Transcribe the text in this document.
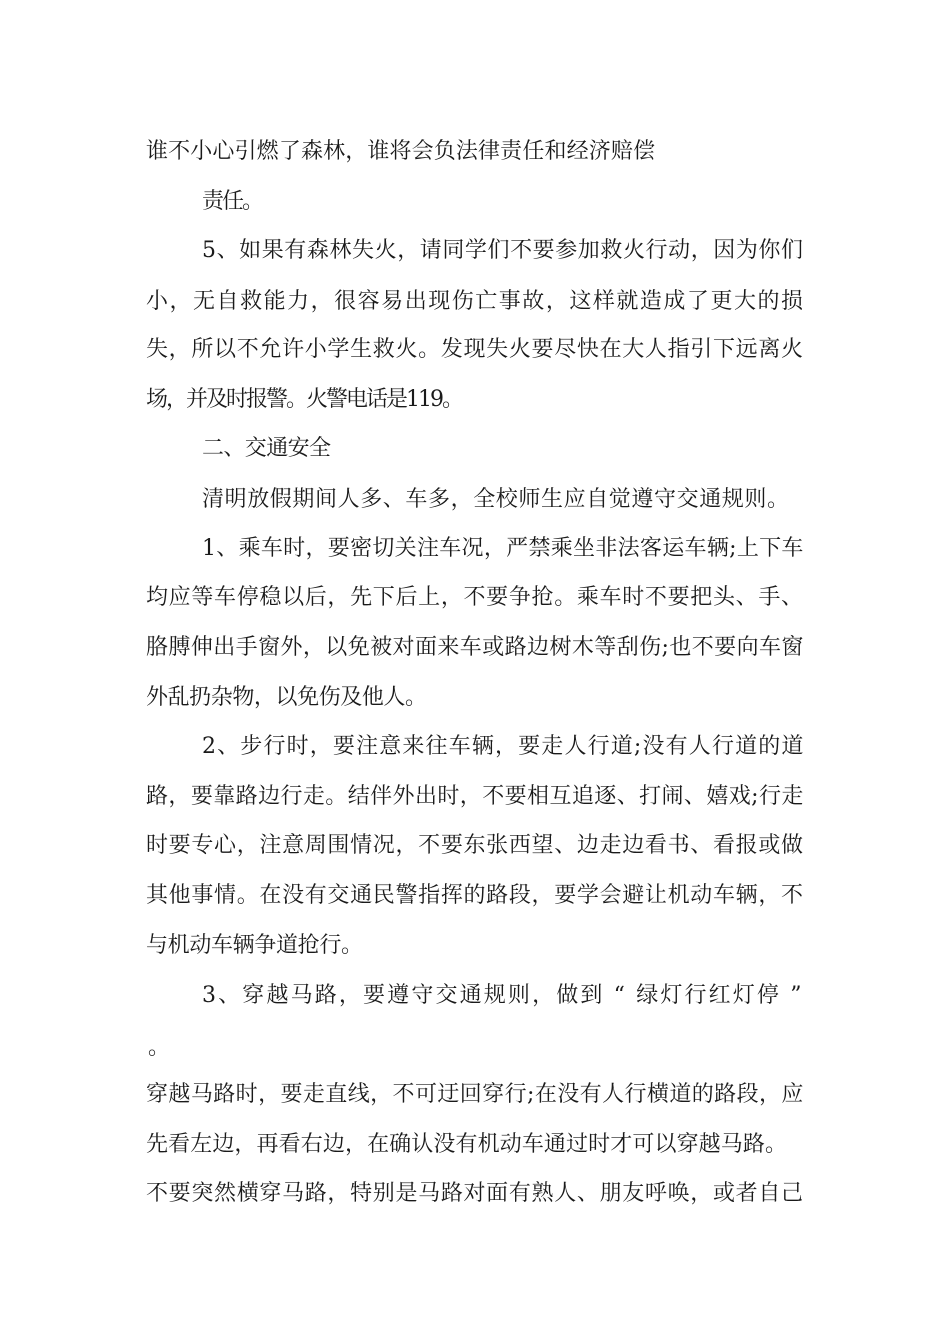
谁不小心引燃了森林，谁将会负法律责任和经济赔偿
责任。
5、如果有森林失火，请同学们不要参加救火行动，因为你们
小，无自救能力，很容易出现伤亡事故，这样就造成了更大的损
失，所以不允许小学生救火。发现失火要尽快在大人指引下远离火
场，并及时报警。火警电话是119。
二、交通安全
清明放假期间人多、车多，全校师生应自觉遵守交通规则。
1、乘车时，要密切关注车况，严禁乘坐非法客运车辆;上下车
均应等车停稳以后，先下后上，不要争抢。乘车时不要把头、手、
胳膊伸出手窗外，以免被对面来车或路边树木等刮伤;也不要向车窗
外乱扔杂物，以免伤及他人。
2、步行时，要注意来往车辆，要走人行道;没有人行道的道
路，要靠路边行走。结伴外出时，不要相互追逐、打闹、嬉戏;行走
时要专心，注意周围情况，不要东张西望、边走边看书、看报或做
其他事情。在没有交通民警指挥的路段，要学会避让机动车辆，不
与机动车辆争道抢行。
3、穿越马路，要遵守交通规则，做到 “ 绿灯行红灯停 ”
。
穿越马路时，要走直线，不可迂回穿行;在没有人行横道的路段，应
先看左边，再看右边，在确认没有机动车通过时才可以穿越马路。
不要突然横穿马路，特别是马路对面有熟人、朋友呼唤，或者自己
